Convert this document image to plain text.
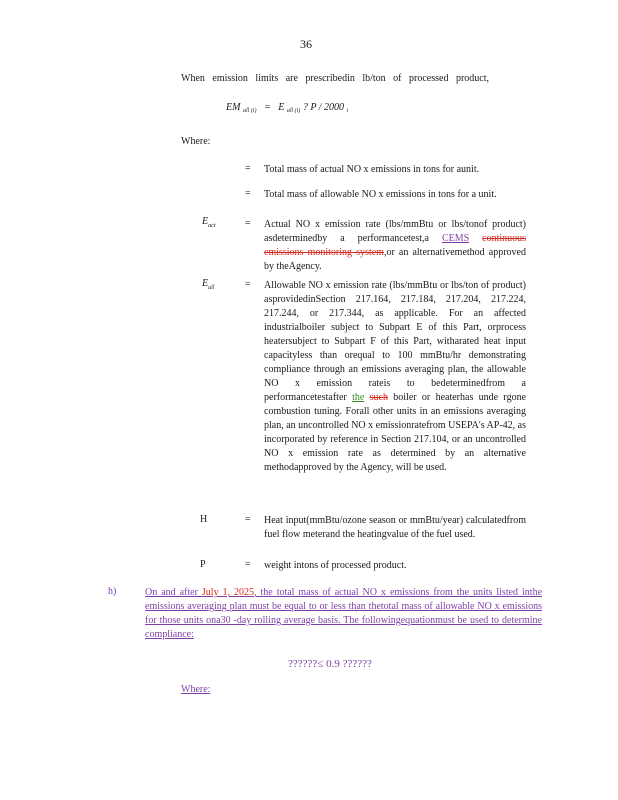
36
When emission limits are prescribedin lb/ton of processed product,
EM $_{all (i)}$ = E $_{all (i)}$ ? P / 2000 $_i$
Where:
= Total mass of actual NO x emissions in tons for aunit.
= Total mass of allowable NO x emissions in tons for a unit.
$E_{act}$	= Actual NO x emission rate (lbs/mmBtu or lbs/tonof product) asdeterminedby a performancetest,a CEMS continuous emissions monitoring system,or an alternativemethod approved by theAgency.
$E_{all}$	= Allowable NO x emission rate (lbs/mmBtu or lbs/ton of product) asprovidedinSection 217.164, 217.184, 217.204, 217.224, 217.244, or 217.344, as applicable. For an affected industrialboiler subject to Subpart E of this Part, orprocess heatersubject to Subpart F of this Part, witharated heat input capacityless than orequal to 100 mmBtu/hr demonstrating compliance through an emissions averaging plan, the allowable NO x emission rateis to bedeterminedfrom a performancetestafter the such boiler or heaterhas unde rgone combustion tuning. Forall other units in an emissions averaging plan, an uncontrolled NO x emissionratefrom USEPA's AP-42, as incorporated by reference in Section 217.104, or an uncontrolled NO x emission rate as determined by an alternative methodapproved by the Agency, will be used.
H	= Heat input(mmBtu/ozone season or mmBtu/year) calculatedfrom fuel flow meterand the heatingvalue of the fuel used.
P	= weight intons of processed product.
h)	On and after July 1, 2025, the total mass of actual NO x emissions from the units listed inthe emissions averaging plan must be equal to or less than thetotal mass of allowable NO x emissions for those units ona30 -day rolling average basis. The followingequationmust be used to determine compliance:
??????≤ 0.9 ??????
Where:
